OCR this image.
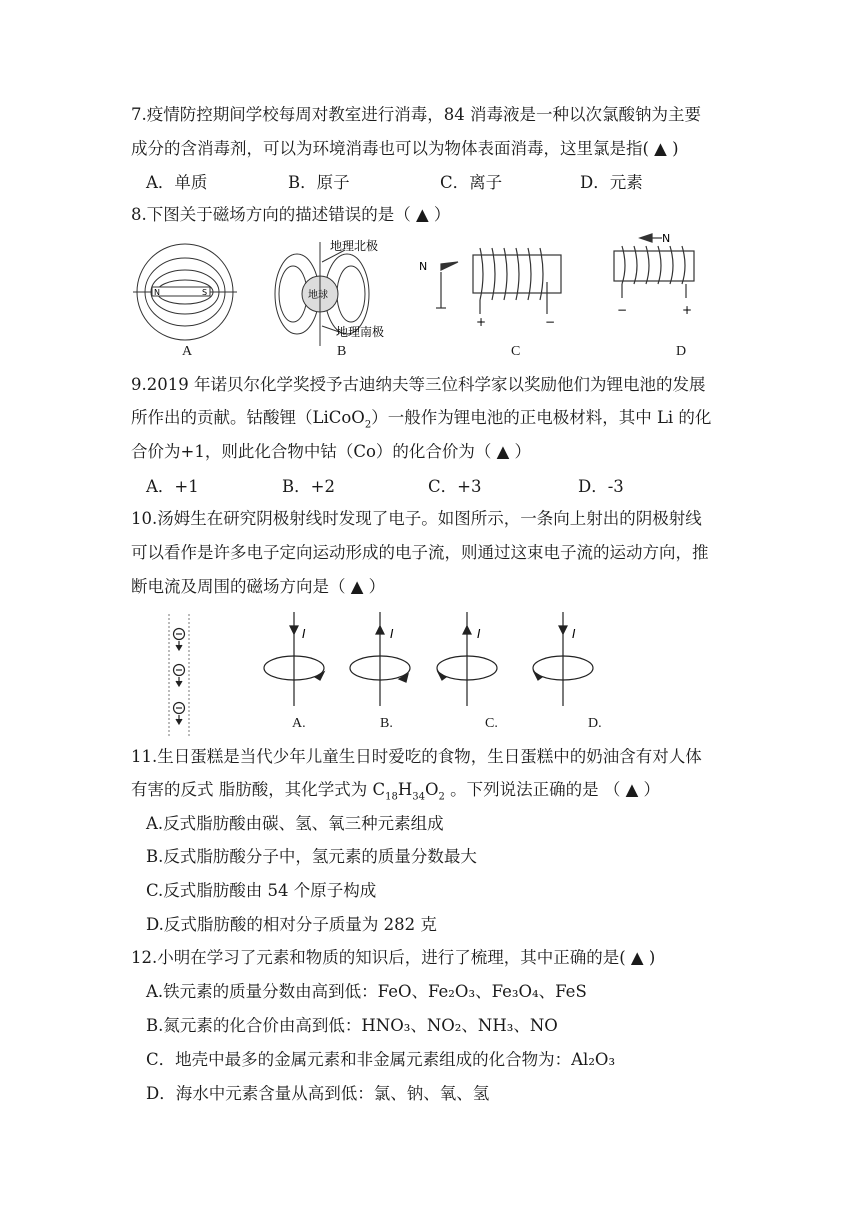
7.疫情防控期间学校每周对教室进行消毒，84 消毒液是一种以次氯酸钠为主要
成分的含消毒剂，可以为环境消毒也可以为物体表面消毒，这里氯是指( ▲ )
A．单质	B．原子	C．离子	D．元素
8.下图关于磁场方向的描述错误的是（ ▲ ）
N	S	地球
地理北极
地理南极
N
+	−
N
−	+
A	B	C	D
9.2019 年诺贝尔化学奖授予古迪纳夫等三位科学家以奖励他们为锂电池的发展
所作出的贡献。钴酸锂（LiCoO$_2$）一般作为锂电池的正电极材料，其中 Li 的化
合价为+1，则此化合物中钴（Co）的化合价为（ ▲ ）
A．+1	B．+2	C．+3	D．-3
10.汤姆生在研究阴极射线时发现了电子。如图所示，一条向上射出的阴极射线
可以看作是许多电子定向运动形成的电子流，则通过这束电子流的运动方向，推
断电流及周围的磁场方向是（ ▲ ）
I	I	I	I
A.	B.	C.	D.
11.生日蛋糕是当代少年儿童生日时爱吃的食物，生日蛋糕中的奶油含有对人体
有害的反式 脂肪酸，其化学式为 $C_{18}H_{34}O_2$ 。下列说法正确的是 （ ▲ ）
A.反式脂肪酸由碳、氢、氧三种元素组成
B.反式脂肪酸分子中，氢元素的质量分数最大
C.反式脂肪酸由 54 个原子构成
D.反式脂肪酸的相对分子质量为 282 克
12.小明在学习了元素和物质的知识后，进行了梳理，其中正确的是( ▲ )
A.铁元素的质量分数由高到低：FeO、Fe₂O₃、Fe₃O₄、FeS
B.氮元素的化合价由高到低：HNO₃、NO₂、NH₃、NO
C．地壳中最多的金属元素和非金属元素组成的化合物为：Al₂O₃
D．海水中元素含量从高到低：氯、钠、氧、氢
